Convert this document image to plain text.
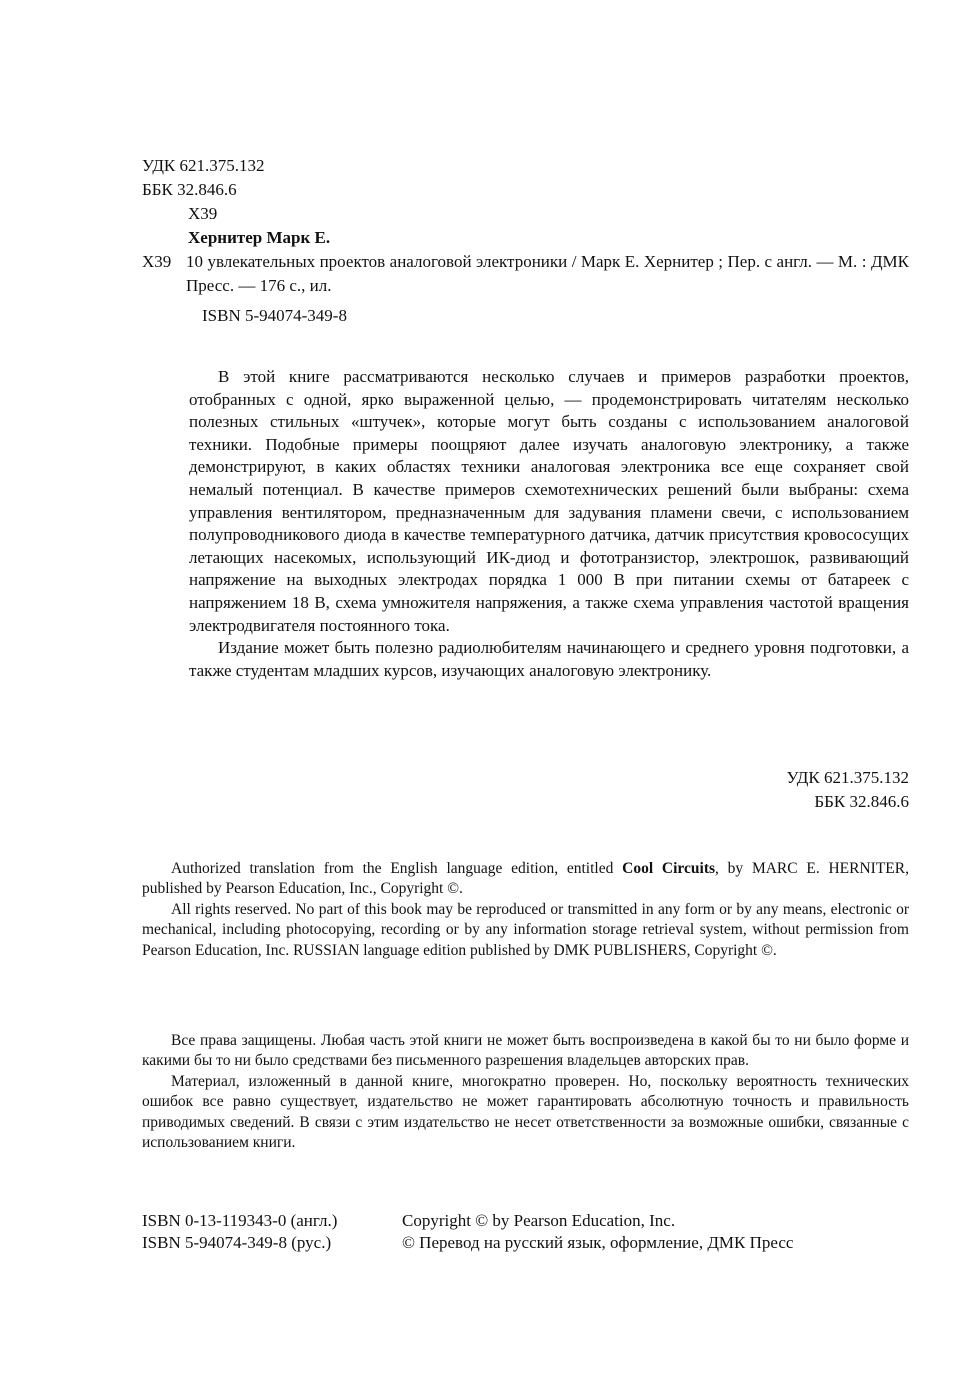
УДК 621.375.132
ББК 32.846.6
Х39
Хернитер Марк Е.
Х39 10 увлекательных проектов аналоговой электроники / Марк Е. Хернитер ; Пер. с англ. — М. : ДМК Пресс. — 176 с., ил.
ISBN 5-94074-349-8

В этой книге рассматриваются несколько случаев и примеров разработки проектов, отобранных с одной, ярко выраженной целью, — продемонстрировать читателям несколько полезных стильных «штучек», которые могут быть созданы с использованием аналоговой техники. Подобные примеры поощряют далее изучать аналоговую электронику, а также демонстрируют, в каких областях техники аналоговая электроника все еще сохраняет свой немалый потенциал. В качестве примеров схемотехнических решений были выбраны: схема управления вентилятором, предназначенным для задувания пламени свечи, с использованием полупроводникового диода в качестве температурного датчика, датчик присутствия кровососущих летающих насекомых, использующий ИК-диод и фототранзистор, электрошок, развивающий напряжение на выходных электродах порядка 1 000 В при питании схемы от батареек с напряжением 18 В, схема умножителя напряжения, а также схема управления частотой вращения электродвигателя постоянного тока.

Издание может быть полезно радиолюбителям начинающего и среднего уровня подготовки, а также студентам младших курсов, изучающих аналоговую электронику.

УДК 621.375.132
ББК 32.846.6

Authorized translation from the English language edition, entitled Cool Circuits, by MARC E. HERNITER, published by Pearson Education, Inc., Copyright ©.

All rights reserved. No part of this book may be reproduced or transmitted in any form or by any means, electronic or mechanical, including photocopying, recording or by any information storage retrieval system, without permission from Pearson Education, Inc. RUSSIAN language edition published by DMK PUBLISHERS, Copyright ©.

Все права защищены. Любая часть этой книги не может быть воспроизведена в какой бы то ни было форме и какими бы то ни было средствами без письменного разрешения владельцев авторских прав.

Материал, изложенный в данной книге, многократно проверен. Но, поскольку вероятность технических ошибок все равно существует, издательство не может гарантировать абсолютную точность и правильность приводимых сведений. В связи с этим издательство не несет ответственности за возможные ошибки, связанные с использованием книги.

ISBN 0-13-119343-0 (англ.)	Copyright © by Pearson Education, Inc.
ISBN 5-94074-349-8 (рус.)	© Перевод на русский язык, оформление, ДМК Пресс
